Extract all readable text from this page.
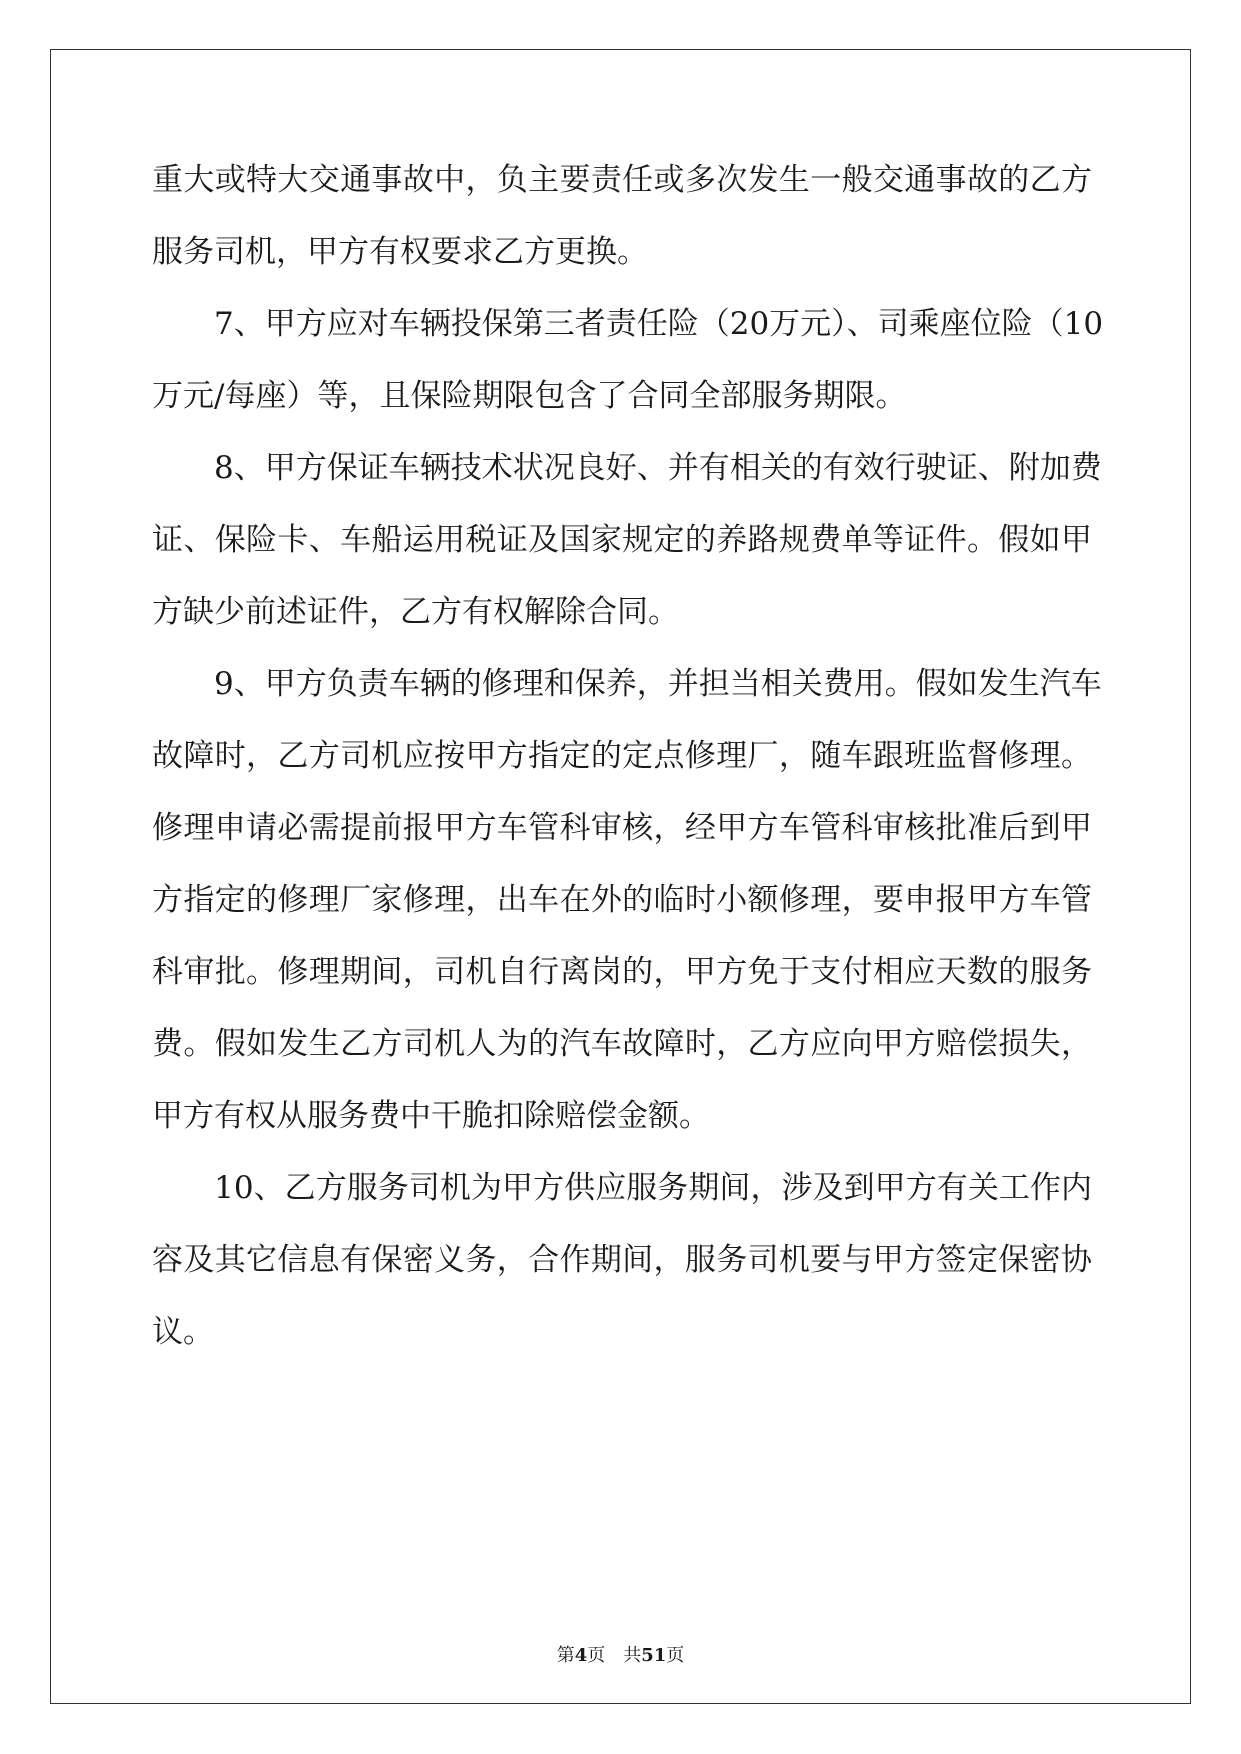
重大或特大交通事故中，负主要责任或多次发生一般交通事故的乙方
服务司机，甲方有权要求乙方更换。
　　7、甲方应对车辆投保第三者责任险（20万元）、司乘座位险（10
万元/每座）等，且保险期限包含了合同全部服务期限。
　　8、甲方保证车辆技术状况良好、并有相关的有效行驶证、附加费
证、保险卡、车船运用税证及国家规定的养路规费单等证件。假如甲
方缺少前述证件，乙方有权解除合同。
　　9、甲方负责车辆的修理和保养，并担当相关费用。假如发生汽车
故障时，乙方司机应按甲方指定的定点修理厂，随车跟班监督修理。
修理申请必需提前报甲方车管科审核，经甲方车管科审核批准后到甲
方指定的修理厂家修理，出车在外的临时小额修理，要申报甲方车管
科审批。修理期间，司机自行离岗的，甲方免于支付相应天数的服务
费。假如发生乙方司机人为的汽车故障时，乙方应向甲方赔偿损失，
甲方有权从服务费中干脆扣除赔偿金额。
　　10、乙方服务司机为甲方供应服务期间，涉及到甲方有关工作内
容及其它信息有保密义务，合作期间，服务司机要与甲方签定保密协
议。
第4页 共51页
